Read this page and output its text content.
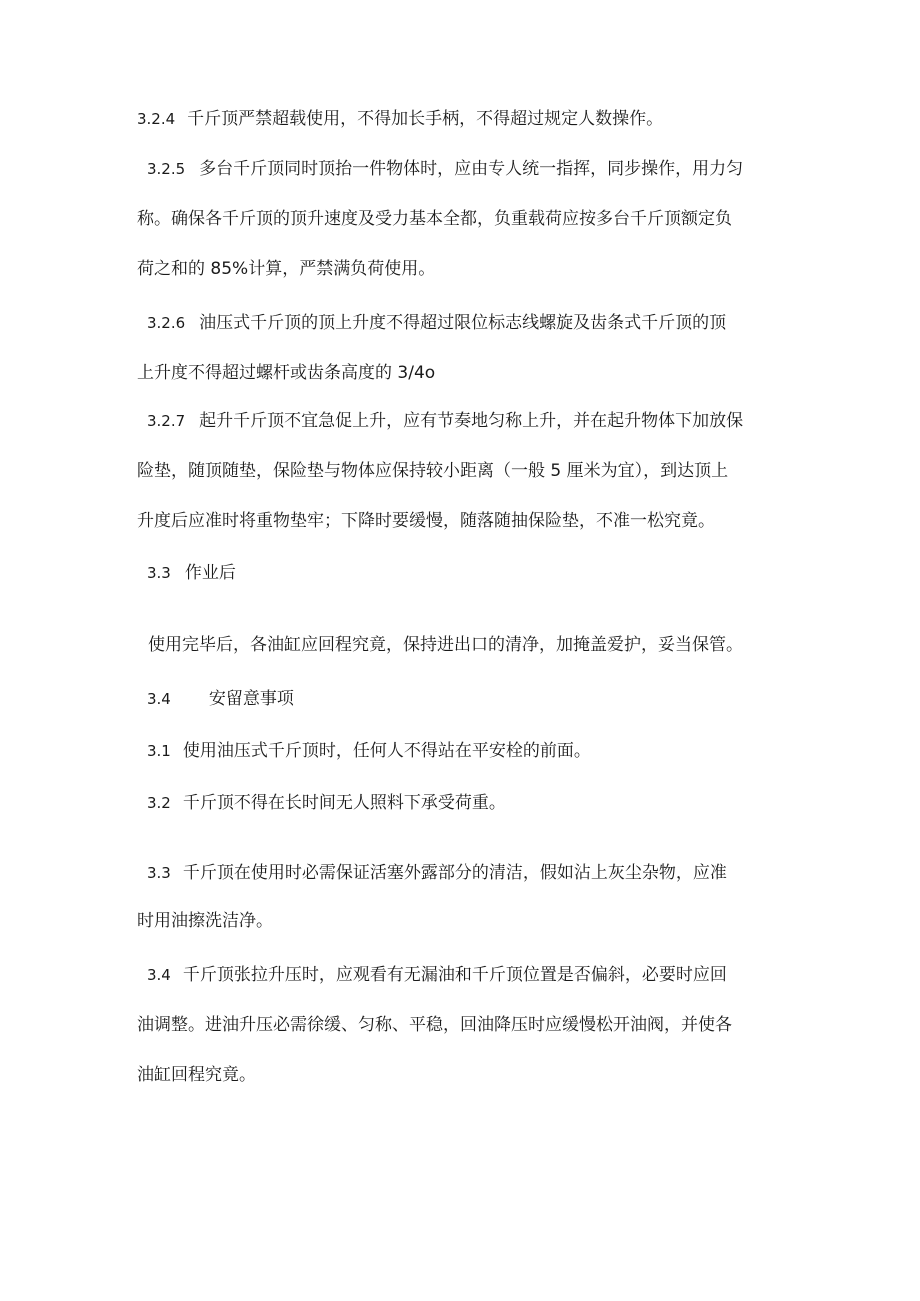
3.2.4 千斤顶严禁超载使用，不得加长手柄，不得超过规定人数操作。
3.2.5 多台千斤顶同时顶抬一件物体时，应由专人统一指挥，同步操作，用力匀
称。确保各千斤顶的顶升速度及受力基本全都，负重载荷应按多台千斤顶额定负
荷之和的 85%计算，严禁满负荷使用。
3.2.6 油压式千斤顶的顶上升度不得超过限位标志线螺旋及齿条式千斤顶的顶
上升度不得超过螺杆或齿条高度的 3/4o
3.2.7 起升千斤顶不宜急促上升，应有节奏地匀称上升，并在起升物体下加放保
险垫，随顶随垫，保险垫与物体应保持较小距离（一般 5 厘米为宜），到达顶上
升度后应准时将重物垫牢；下降时要缓慢，随落随抽保险垫，不准一松究竟。
3.3 作业后
使用完毕后，各油缸应回程究竟，保持进出口的清净，加掩盖爱护，妥当保管。
3.4 安留意事项
3.1 使用油压式千斤顶时，任何人不得站在平安栓的前面。
3.2 千斤顶不得在长时间无人照料下承受荷重。
3.3 千斤顶在使用时必需保证活塞外露部分的清洁，假如沾上灰尘杂物，应准
时用油擦洗洁净。
3.4 千斤顶张拉升压时，应观看有无漏油和千斤顶位置是否偏斜，必要时应回
油调整。进油升压必需徐缓、匀称、平稳，回油降压时应缓慢松开油阀，并使各
油缸回程究竟。
